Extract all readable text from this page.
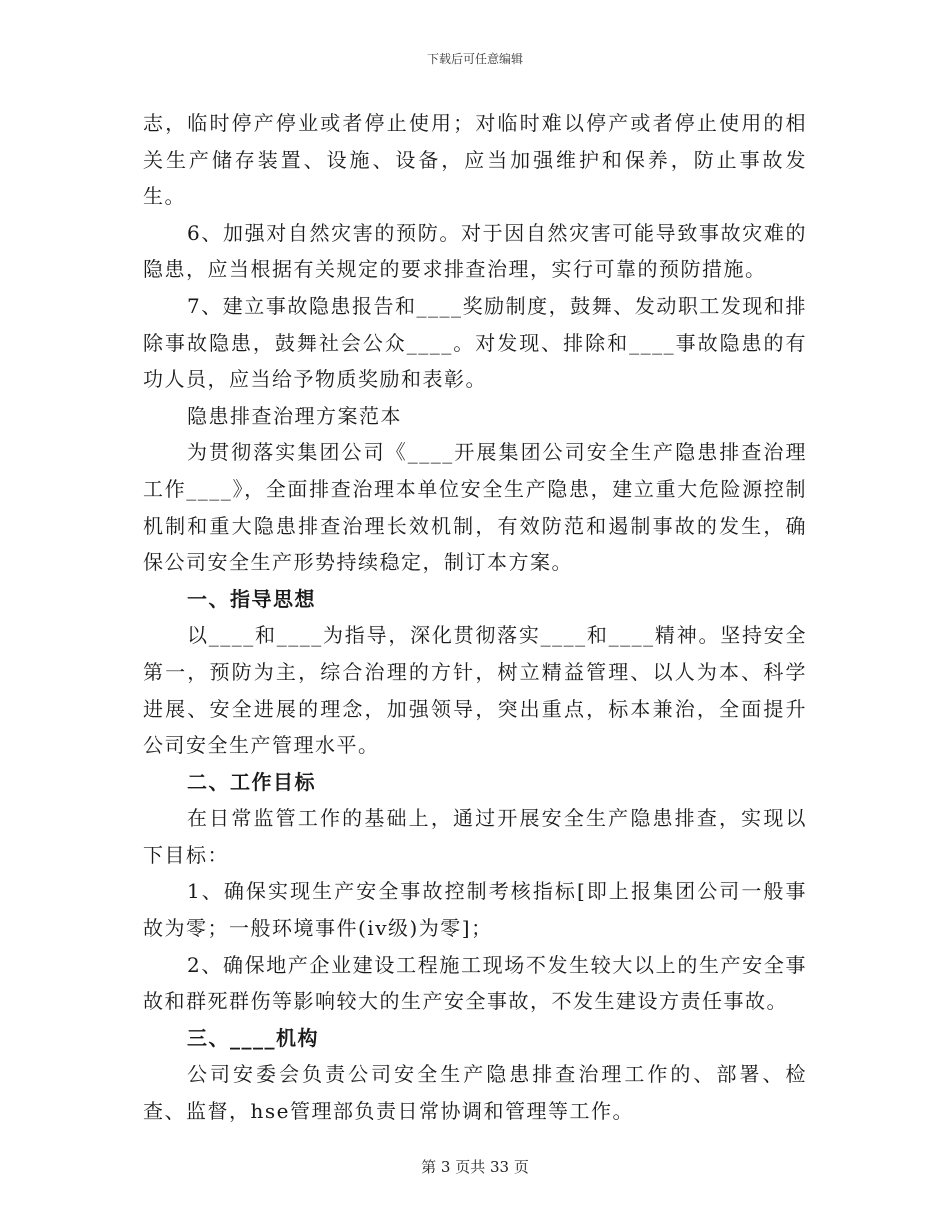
下载后可任意编辑

志，临时停产停业或者停止使用；对临时难以停产或者停止使用的相关生产储存装置、设施、设备，应当加强维护和保养，防止事故发生。

6、加强对自然灾害的预防。对于因自然灾害可能导致事故灾难的隐患，应当根据有关规定的要求排查治理，实行可靠的预防措施。

7、建立事故隐患报告和____奖励制度，鼓舞、发动职工发现和排除事故隐患，鼓舞社会公众____。对发现、排除和____事故隐患的有功人员，应当给予物质奖励和表彰。

隐患排查治理方案范本

为贯彻落实集团公司《____开展集团公司安全生产隐患排查治理工作____》，全面排查治理本单位安全生产隐患，建立重大危险源控制机制和重大隐患排查治理长效机制，有效防范和遏制事故的发生，确保公司安全生产形势持续稳定，制订本方案。

一、指导思想

以____和____为指导，深化贯彻落实____和____精神。坚持安全第一，预防为主，综合治理的方针，树立精益管理、以人为本、科学进展、安全进展的理念，加强领导，突出重点，标本兼治，全面提升公司安全生产管理水平。

二、工作目标

在日常监管工作的基础上，通过开展安全生产隐患排查，实现以下目标：

1、确保实现生产安全事故控制考核指标[即上报集团公司一般事故为零；一般环境事件(iv级)为零]；

2、确保地产企业建设工程施工现场不发生较大以上的生产安全事故和群死群伤等影响较大的生产安全事故，不发生建设方责任事故。

三、____机构

公司安委会负责公司安全生产隐患排查治理工作的、部署、检查、监督，hse管理部负责日常协调和管理等工作。

第 3 页共 33 页
